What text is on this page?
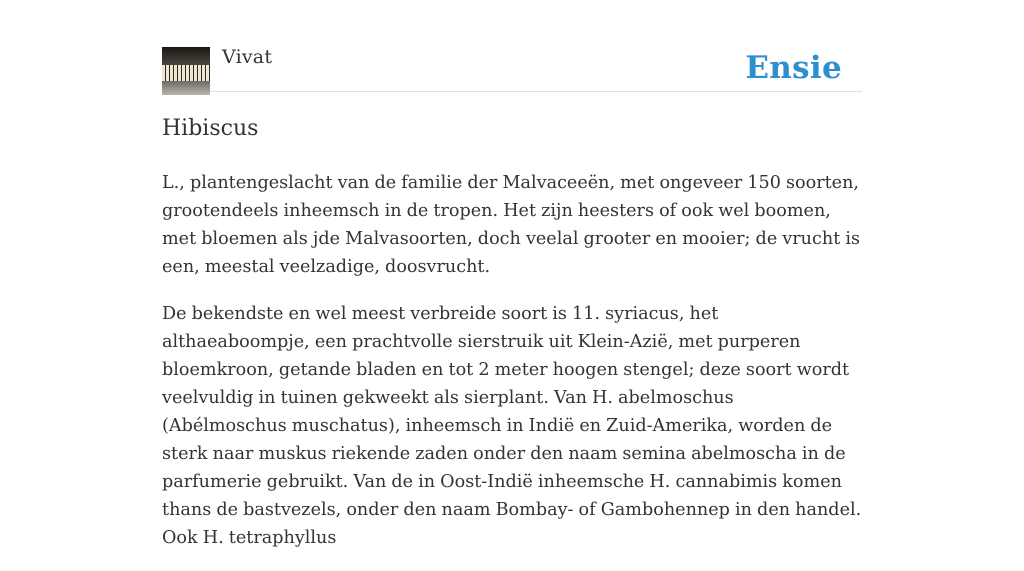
Vivat	Ensie
Hibiscus

L., plantengeslacht van de familie der Malvaceeën, met ongeveer 150 soorten, grootendeels inheemsch in de tropen. Het zijn heesters of ook wel boomen, met bloemen als jde Malvasoorten, doch veelal grooter en mooier; de vrucht is een, meestal veelzadige, doosvrucht.

De bekendste en wel meest verbreide soort is 11. syriacus, het althaeaboompje, een prachtvolle sierstruik uit Klein-Azië, met purperen bloemkroon, getande bladen en tot 2 meter hoogen stengel; deze soort wordt veelvuldig in tuinen gekweekt als sierplant. Van H. abelmoschus (Abélmoschus muschatus), inheemsch in Indië en Zuid-Amerika, worden de sterk naar muskus riekende zaden onder den naam semina abelmoscha in de parfumerie gebruikt. Van de in Oost-Indië inheemsche H. cannabimis komen thans de bastvezels, onder den naam Bombay- of Gambohennep in den handel. Ook H. tetraphyllus
